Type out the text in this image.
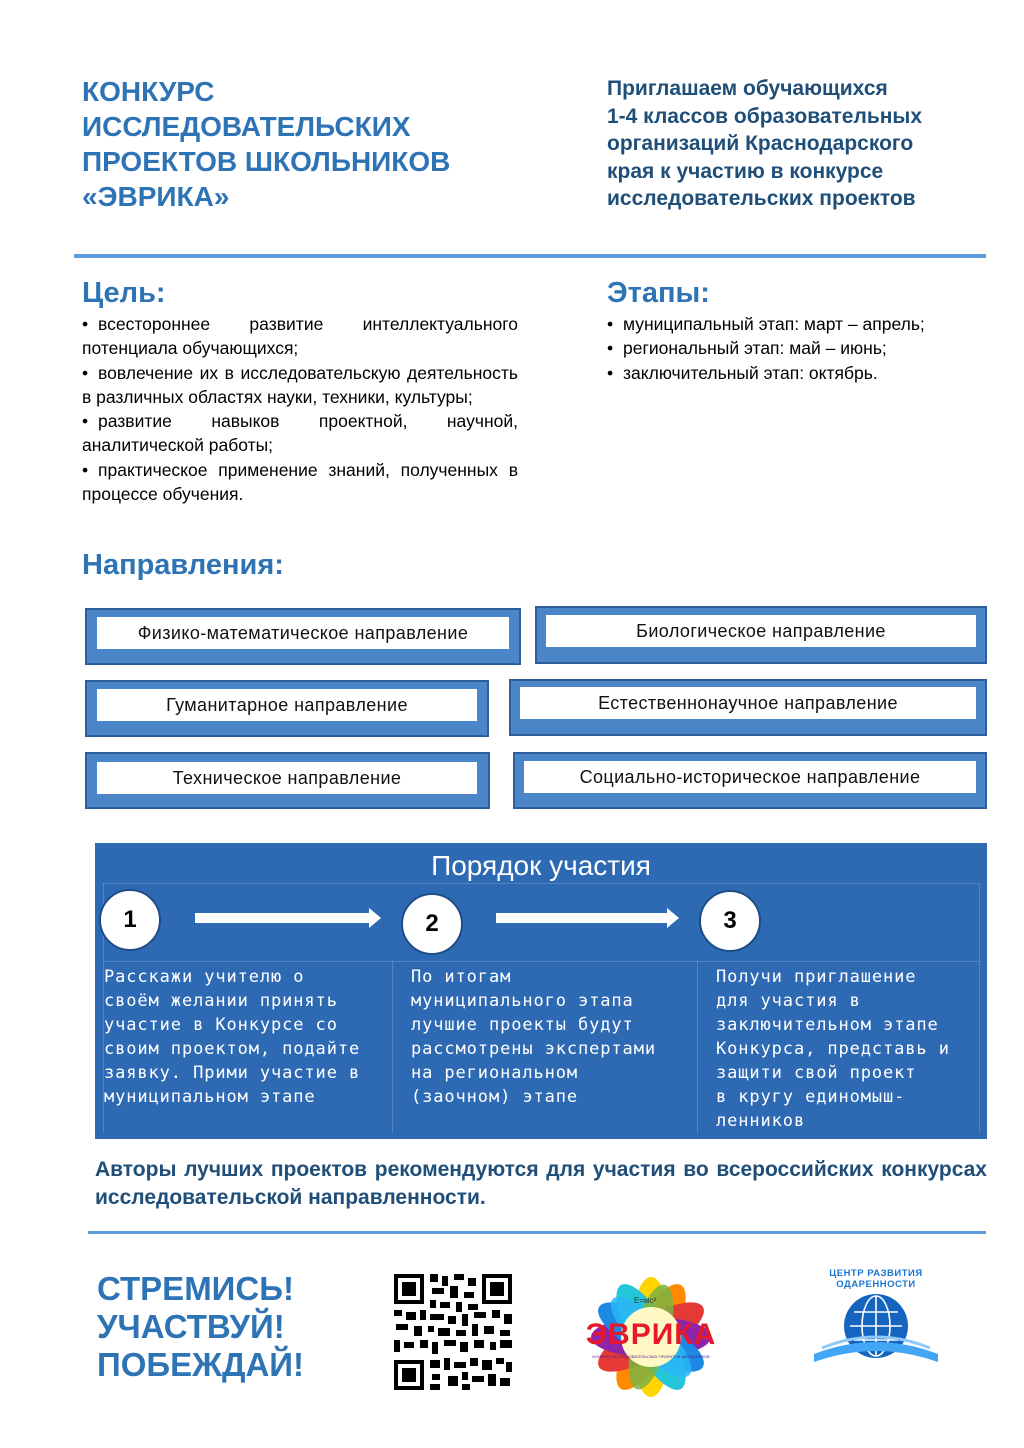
КОНКУРС
ИССЛЕДОВАТЕЛЬСКИХ
ПРОЕКТОВ ШКОЛЬНИКОВ
«ЭВРИКА»

Приглашаем обучающихся
1-4 классов образовательных
организаций Краснодарского
края к участию в конкурсе
исследовательских проектов

Цель:
• всестороннее развитие интеллектуального потенциала обучающихся;
• вовлечение их в исследовательскую деятельность в различных областях науки, техники, культуры;
• развитие навыков проектной, научной, аналитической работы;
• практическое применение знаний, полученных в процессе обучения.
Этапы:
• муниципальный этап: март – апрель;
• региональный этап: май – июнь;
• заключительный этап: октябрь.
Направления:
Физико-математическое направление	Биологическое направление
Гуманитарное направление	Естественнонаучное направление
Техническое направление	Социально-историческое направление
Порядок участия
1	2	3

Расскажи учителю о
своём желании принять
участие в Конкурсе со
своим проектом, подайте
заявку. Прими участие в
муниципальном этапе

По итогам
муниципального этапа
лучшие проекты будут
рассмотрены экспертами
на региональном
(заочном) этапе

Получи приглашение
для участия в
заключительном этапе
Конкурса, представь и
защити свой проект
в кругу единомыш-
ленников

Авторы лучших проектов рекомендуются для участия во всероссийских конкурсах исследовательской направленности.

СТРЕМИСЬ!
УЧАСТВУЙ!
ПОБЕЖДАЙ!

Е=мс²
ЭВРИКА
КОНКУРС ИССЛЕДОВАТЕЛЬСКИХ ПРОЕКТОВ ШКОЛЬНИКОВ
ЦЕНТР РАЗВИТИЯ ОДАРЕННОСТИ
